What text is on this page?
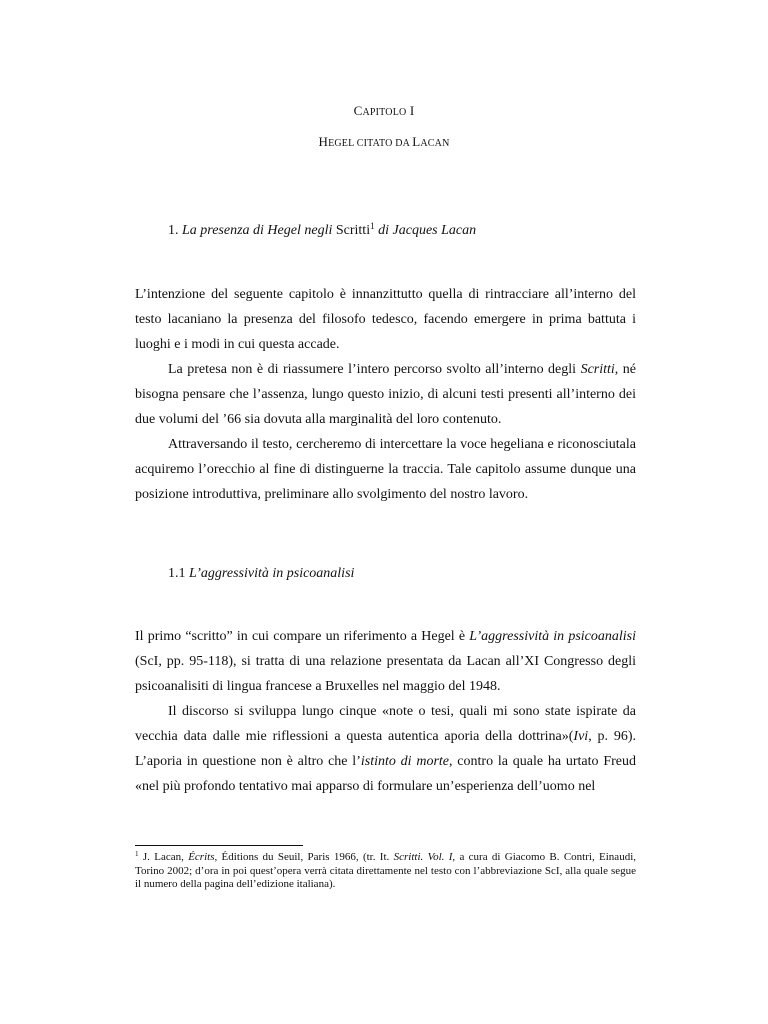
CAPITOLO I
HEGEL CITATO DA LACAN
1. La presenza di Hegel negli Scritti$^1$ di Jacques Lacan

L’intenzione del seguente capitolo è innanzittutto quella di rintracciare all’interno del testo lacaniano la presenza del filosofo tedesco, facendo emergere in prima battuta i luoghi e i modi in cui questa accade.

La pretesa non è di riassumere l’intero percorso svolto all’interno degli Scritti, né bisogna pensare che l’assenza, lungo questo inizio, di alcuni testi presenti all’interno dei due volumi del ’66 sia dovuta alla marginalità del loro contenuto.

Attraversando il testo, cercheremo di intercettare la voce hegeliana e riconosciutala acquiremo l’orecchio al fine di distinguerne la traccia. Tale capitolo assume dunque una posizione introduttiva, preliminare allo svolgimento del nostro lavoro.

1.1 L’aggressività in psicoanalisi

Il primo “scritto” in cui compare un riferimento a Hegel è L’aggressività in psicoanalisi (ScI, pp. 95-118), si tratta di una relazione presentata da Lacan all’XI Congresso degli psicoanalisiti di lingua francese a Bruxelles nel maggio del 1948.

Il discorso si sviluppa lungo cinque «note o tesi, quali mi sono state ispirate da vecchia data dalle mie riflessioni a questa autentica aporia della dottrina»(Ivi, p. 96). L’aporia in questione non è altro che l’istinto di morte, contro la quale ha urtato Freud «nel più profondo tentativo mai apparso di formulare un’esperienza dell’uomo nel

$^1$ J. Lacan, Écrits, Éditions du Seuil, Paris 1966, (tr. It. Scritti. Vol. I, a cura di Giacomo B. Contri, Einaudi, Torino 2002; d’ora in poi quest’opera verrà citata direttamente nel testo con l’abbreviazione ScI, alla quale segue il numero della pagina dell’edizione italiana).
